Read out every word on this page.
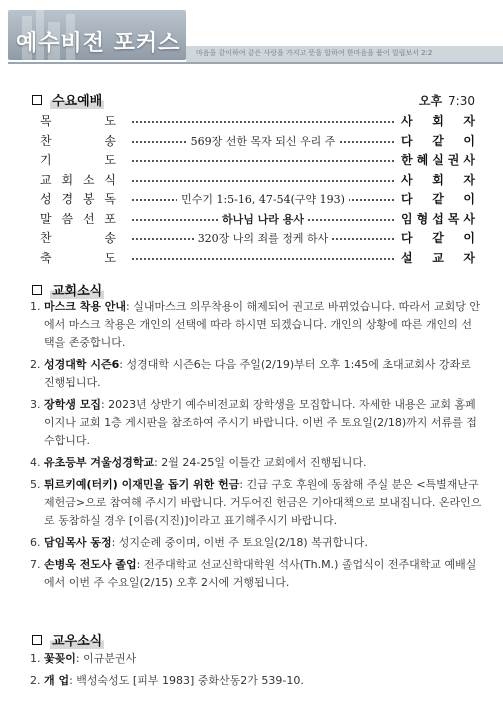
예수비전 포커스 마음을 같이하여 같은 사랑을 가지고 뜻을 합하여 한마음을 품어 빌립보서 2:2
수요예배	오후 7:30
목	도	사 회 자
찬	송	569장 선한 목자 되신 우리 주	다 같 이
기	도	한 혜 실 권 사
교 회 소 식	사 회 자
성 경 봉 독	민수기 1:5-16, 47-54(구약 193)	다 같 이
말 씀 선 포	하나님 나라 용사	임 형 섭 목 사
찬	송	320장 나의 죄를 정케 하사	다 같 이
축	도	설 교 자
교회소식
1. 마스크 착용 안내: 실내마스크 의무착용이 해제되어 권고로 바뀌었습니다. 따라서 교회당 안에서 마스크 착용은 개인의 선택에 따라 하시면 되겠습니다. 개인의 상황에 따른 개인의 선택을 존중합니다.
2. 성경대학 시즌6: 성경대학 시즌6는 다음 주일(2/19)부터 오후 1:45에 초대교회사 강좌로 진행됩니다.
3. 장학생 모집: 2023년 상반기 예수비전교회 장학생을 모집합니다. 자세한 내용은 교회 홈페이지나 교회 1층 게시판을 참조하여 주시기 바랍니다. 이번 주 토요일(2/18)까지 서류를 접수합니다.
4. 유초등부 겨울성경학교: 2월 24-25일 이틀간 교회에서 진행됩니다.
5. 튀르키예(터키) 이재민을 돕기 위한 헌금: 긴급 구호 후원에 동참해 주실 분은 <특별재난구제헌금>으로 참여해 주시기 바랍니다. 거두어진 헌금은 기아대책으로 보내집니다. 온라인으로 동참하실 경우 [이름(지진)]이라고 표기해주시기 바랍니다.
6. 담임목사 동정: 성지순례 중이며, 이번 주 토요일(2/18) 복귀합니다.
7. 손병욱 전도사 졸업: 전주대학교 선교신학대학원 석사(Th.M.) 졸업식이 전주대학교 예배실에서 이번 주 수요일(2/15) 오후 2시에 거행됩니다.
교우소식
1. 꽃꽂이: 이규분권사
2. 개 업: 백성숙성도 [피부 1983] 중화산동2가 539-10.
